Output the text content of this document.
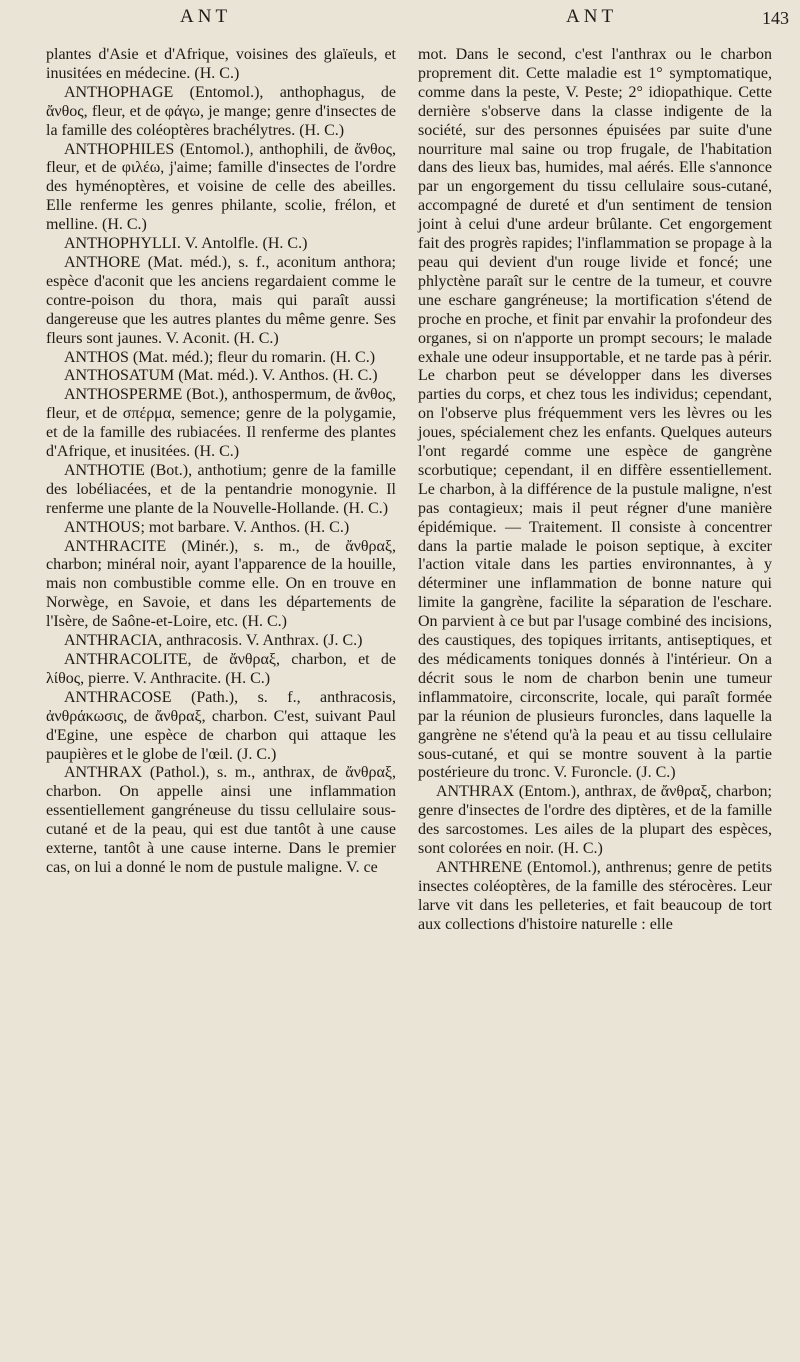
ANT	ANT	143

plantes d'Asie et d'Afrique, voisines des glaïeuls, et inusitées en médecine. (H. C.)

ANTHOPHAGE (Entomol.), anthophagus, de ἄνθος, fleur, et de φάγω, je mange; genre d'insectes de la famille des coléoptères brachélytres. (H. C.)

ANTHOPHILES (Entomol.), anthophili, de ἄνθος, fleur, et de φιλέω, j'aime; famille d'insectes de l'ordre des hyménoptères, et voisine de celle des abeilles. Elle renferme les genres philante, scolie, frélon, et melline. (H. C.)

ANTHOPHYLLI. V. Antolfle. (H. C.)

ANTHORE (Mat. méd.), s. f., aconitum anthora; espèce d'aconit que les anciens regardaient comme le contre-poison du thora, mais qui paraît aussi dangereuse que les autres plantes du même genre. Ses fleurs sont jaunes. V. Aconit. (H. C.)

ANTHOS (Mat. méd.); fleur du romarin. (H. C.)

ANTHOSATUM (Mat. méd.). V. Anthos. (H. C.)

ANTHOSPERME (Bot.), anthospermum, de ἄνθος, fleur, et de σπέρμα, semence; genre de la polygamie, et de la famille des rubiacées. Il renferme des plantes d'Afrique, et inusitées. (H. C.)

ANTHOTIE (Bot.), anthotium; genre de la famille des lobéliacées, et de la pentandrie monogynie. Il renferme une plante de la Nouvelle-Hollande. (H. C.)

ANTHOUS; mot barbare. V. Anthos. (H. C.)

ANTHRACITE (Minér.), s. m., de ἄνθραξ, charbon; minéral noir, ayant l'apparence de la houille, mais non combustible comme elle. On en trouve en Norwège, en Savoie, et dans les départements de l'Isère, de Saône-et-Loire, etc. (H. C.)

ANTHRACIA, anthracosis. V. Anthrax. (J. C.)

ANTHRACOLITE, de ἄνθραξ, charbon, et de λίθος, pierre. V. Anthracite. (H. C.)

ANTHRACOSE (Path.), s. f., anthracosis, ἀνθράκωσις, de ἄνθραξ, charbon. C'est, suivant Paul d'Egine, une espèce de charbon qui attaque les paupières et le globe de l'œil. (J. C.)

ANTHRAX (Pathol.), s. m., anthrax, de ἄνθραξ, charbon. On appelle ainsi une inflammation essentiellement gangréneuse du tissu cellulaire sous-cutané et de la peau, qui est due tantôt à une cause externe, tantôt à une cause interne. Dans le premier cas, on lui a donné le nom de pustule maligne. V. ce

mot. Dans le second, c'est l'anthrax ou le charbon proprement dit. Cette maladie est 1° symptomatique, comme dans la peste, V. Peste; 2° idiopathique. Cette dernière s'observe dans la classe indigente de la société, sur des personnes épuisées par suite d'une nourriture mal saine ou trop frugale, de l'habitation dans des lieux bas, humides, mal aérés. Elle s'annonce par un engorgement du tissu cellulaire sous-cutané, accompagné de dureté et d'un sentiment de tension joint à celui d'une ardeur brûlante. Cet engorgement fait des progrès rapides; l'inflammation se propage à la peau qui devient d'un rouge livide et foncé; une phlyctène paraît sur le centre de la tumeur, et couvre une eschare gangréneuse; la mortification s'étend de proche en proche, et finit par envahir la profondeur des organes, si on n'apporte un prompt secours; le malade exhale une odeur insupportable, et ne tarde pas à périr. Le charbon peut se développer dans les diverses parties du corps, et chez tous les individus; cependant, on l'observe plus fréquemment vers les lèvres ou les joues, spécialement chez les enfants. Quelques auteurs l'ont regardé comme une espèce de gangrène scorbutique; cependant, il en diffère essentiellement. Le charbon, à la différence de la pustule maligne, n'est pas contagieux; mais il peut régner d'une manière épidémique. — Traitement. Il consiste à concentrer dans la partie malade le poison septique, à exciter l'action vitale dans les parties environnantes, à y déterminer une inflammation de bonne nature qui limite la gangrène, facilite la séparation de l'eschare. On parvient à ce but par l'usage combiné des incisions, des caustiques, des topiques irritants, antiseptiques, et des médicaments toniques donnés à l'intérieur. On a décrit sous le nom de charbon benin une tumeur inflammatoire, circonscrite, locale, qui paraît formée par la réunion de plusieurs furoncles, dans laquelle la gangrène ne s'étend qu'à la peau et au tissu cellulaire sous-cutané, et qui se montre souvent à la partie postérieure du tronc. V. Furoncle. (J. C.)

ANTHRAX (Entom.), anthrax, de ἄνθραξ, charbon; genre d'insectes de l'ordre des diptères, et de la famille des sarcostomes. Les ailes de la plupart des espèces, sont colorées en noir. (H. C.)

ANTHRENE (Entomol.), anthrenus; genre de petits insectes coléoptères, de la famille des stérocères. Leur larve vit dans les pelleteries, et fait beaucoup de tort aux collections d'histoire naturelle : elle
